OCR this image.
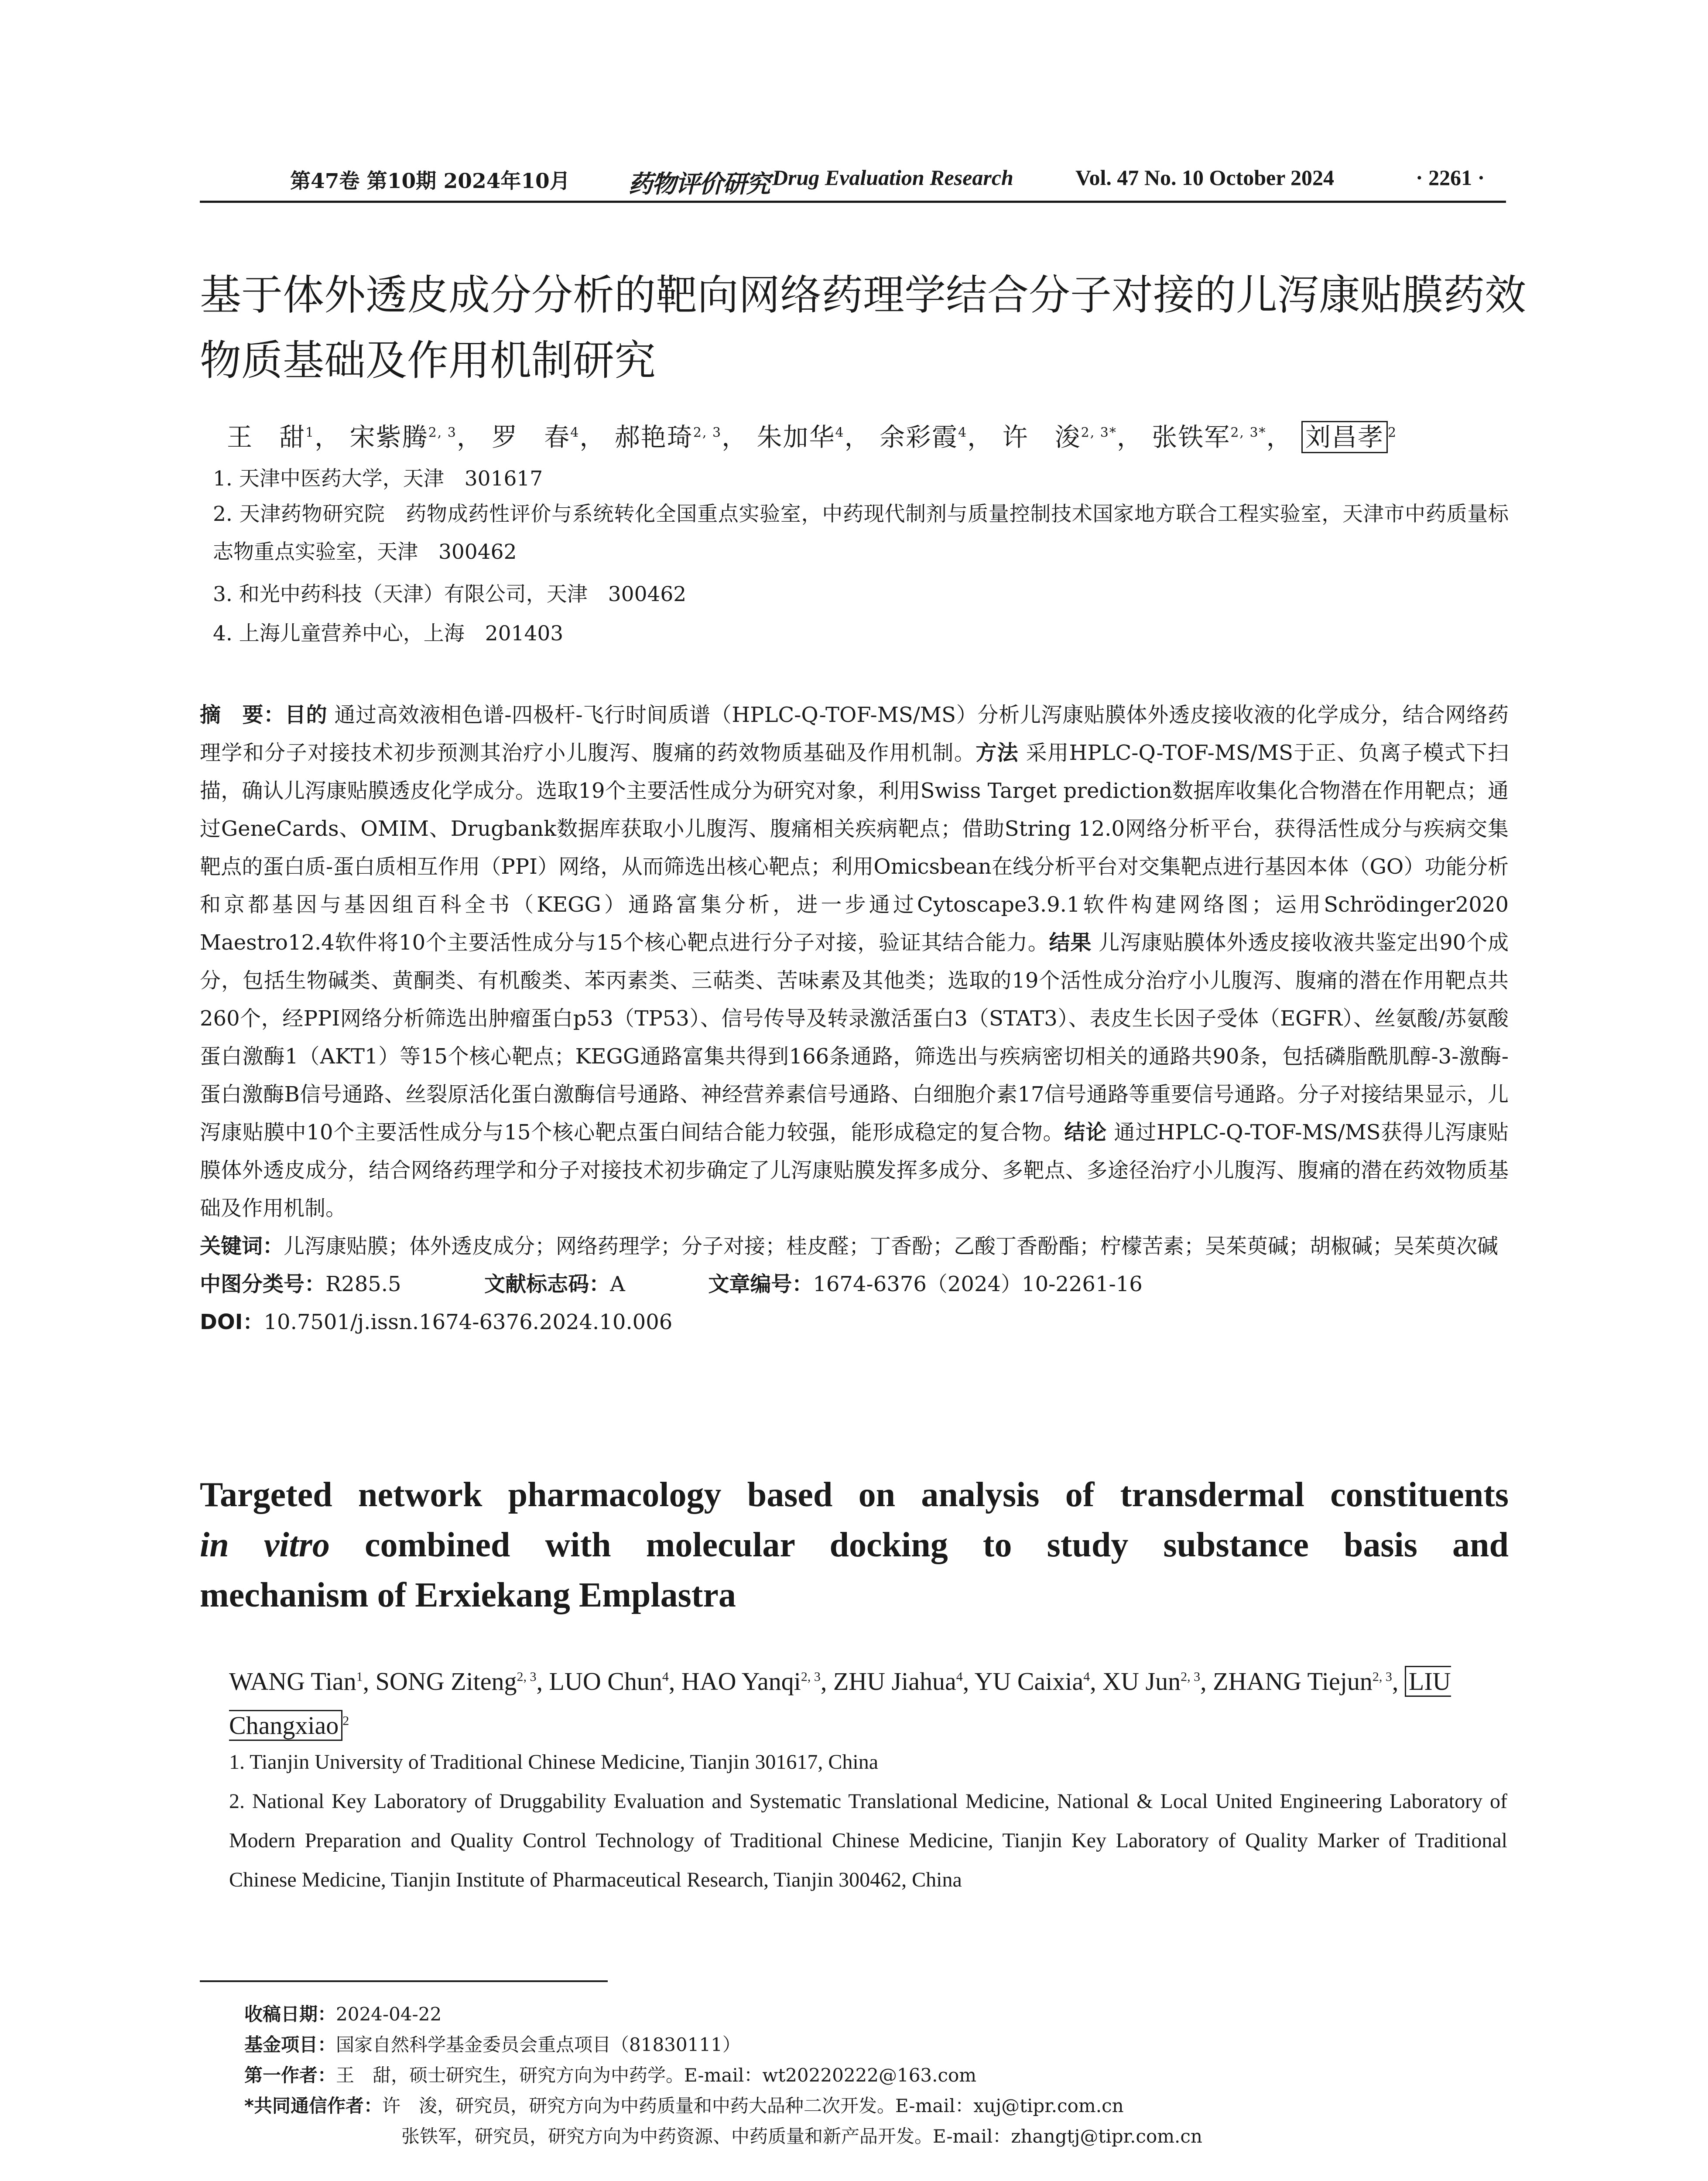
第47卷 第10期 2024年10月 药物评价研究 Drug Evaluation Research	Vol. 47 No. 10 October 2024	· 2261 ·
基于体外透皮成分分析的靶向网络药理学结合分子对接的儿泻康贴膜药效
物质基础及作用机制研究
王　甜$^1$， 宋紫腾$^{2, 3}$， 罗　春$^4$， 郝艳琦$^{2, 3}$， 朱加华$^4$， 余彩霞$^4$， 许　浚$^{2, 3*}$， 张铁军$^{2, 3*}$， 刘昌孝 $^2$
1. 天津中医药大学，天津　301617
2. 天津药物研究院　药物成药性评价与系统转化全国重点实验室，中药现代制剂与质量控制技术国家地方联合工程实验室，天津市中药质量标志物重点实验室，天津　300462
3. 和光中药科技（天津）有限公司，天津　300462
4. 上海儿童营养中心，上海　201403
摘　要：目的 通过高效液相色谱-四极杆-飞行时间质谱（HPLC-Q-TOF-MS/MS）分析儿泻康贴膜体外透皮接收液的化学成分，结合网络药理学和分子对接技术初步预测其治疗小儿腹泻、腹痛的药效物质基础及作用机制。方法 采用HPLC-Q-TOF-MS/MS于正、负离子模式下扫描，确认儿泻康贴膜透皮化学成分。选取19个主要活性成分为研究对象，利用Swiss Target prediction数据库收集化合物潜在作用靶点；通过GeneCards、OMIM、Drugbank数据库获取小儿腹泻、腹痛相关疾病靶点；借助String 12.0网络分析平台，获得活性成分与疾病交集靶点的蛋白质-蛋白质相互作用（PPI）网络，从而筛选出核心靶点；利用Omicsbean在线分析平台对交集靶点进行基因本体（GO）功能分析和京都基因与基因组百科全书（KEGG）通路富集分析，进一步通过Cytoscape3.9.1软件构建网络图；运用Schrödinger2020 Maestro12.4软件将10个主要活性成分与15个核心靶点进行分子对接，验证其结合能力。结果 儿泻康贴膜体外透皮接收液共鉴定出90个成分，包括生物碱类、黄酮类、有机酸类、苯丙素类、三萜类、苦味素及其他类；选取的19个活性成分治疗小儿腹泻、腹痛的潜在作用靶点共260个，经PPI网络分析筛选出肿瘤蛋白p53（TP53）、信号传导及转录激活蛋白3（STAT3）、表皮生长因子受体（EGFR）、丝氨酸/苏氨酸蛋白激酶1（AKT1）等15个核心靶点；KEGG通路富集共得到166条通路，筛选出与疾病密切相关的通路共90条，包括磷脂酰肌醇-3-激酶-蛋白激酶B信号通路、丝裂原活化蛋白激酶信号通路、神经营养素信号通路、白细胞介素17信号通路等重要信号通路。分子对接结果显示，儿泻康贴膜中10个主要活性成分与15个核心靶点蛋白间结合能力较强，能形成稳定的复合物。结论 通过HPLC-Q-TOF-MS/MS获得儿泻康贴膜体外透皮成分，结合网络药理学和分子对接技术初步确定了儿泻康贴膜发挥多成分、多靶点、多途径治疗小儿腹泻、腹痛的潜在药效物质基础及作用机制。
关键词：儿泻康贴膜；体外透皮成分；网络药理学；分子对接；桂皮醛；丁香酚；乙酸丁香酚酯；柠檬苦素；吴茱萸碱；胡椒碱；吴茱萸次碱
中图分类号：R285.5	文献标志码：A	文章编号：1674-6376（2024）10-2261-16
DOI：10.7501/j.issn.1674-6376.2024.10.006
Targeted network pharmacology based on analysis of transdermal constituents
in vitro combined with molecular docking to study substance basis and
mechanism of Erxiekang Emplastra
WANG Tian$^1$, SONG Ziteng$^{2, 3}$, LUO Chun$^4$, HAO Yanqi$^{2, 3}$, ZHU Jiahua$^4$, YU Caixia$^4$, XU Jun$^{2, 3}$, ZHANG Tiejun$^{2, 3}$, LIU Changxiao $^2$
1. Tianjin University of Traditional Chinese Medicine, Tianjin 301617, China
2. National Key Laboratory of Druggability Evaluation and Systematic Translational Medicine, National & Local United Engineering Laboratory of Modern Preparation and Quality Control Technology of Traditional Chinese Medicine, Tianjin Key Laboratory of Quality Marker of Traditional Chinese Medicine, Tianjin Institute of Pharmaceutical Research, Tianjin 300462, China
收稿日期：2024-04-22
基金项目：国家自然科学基金委员会重点项目（81830111）
第一作者：王　甜，硕士研究生，研究方向为中药学。E-mail：wt20220222@163.com
*共同通信作者：许　浚，研究员，研究方向为中药质量和中药大品种二次开发。E-mail：xuj@tipr.com.cn
张铁军，研究员，研究方向为中药资源、中药质量和新产品开发。E-mail：zhangtj@tipr.com.cn
